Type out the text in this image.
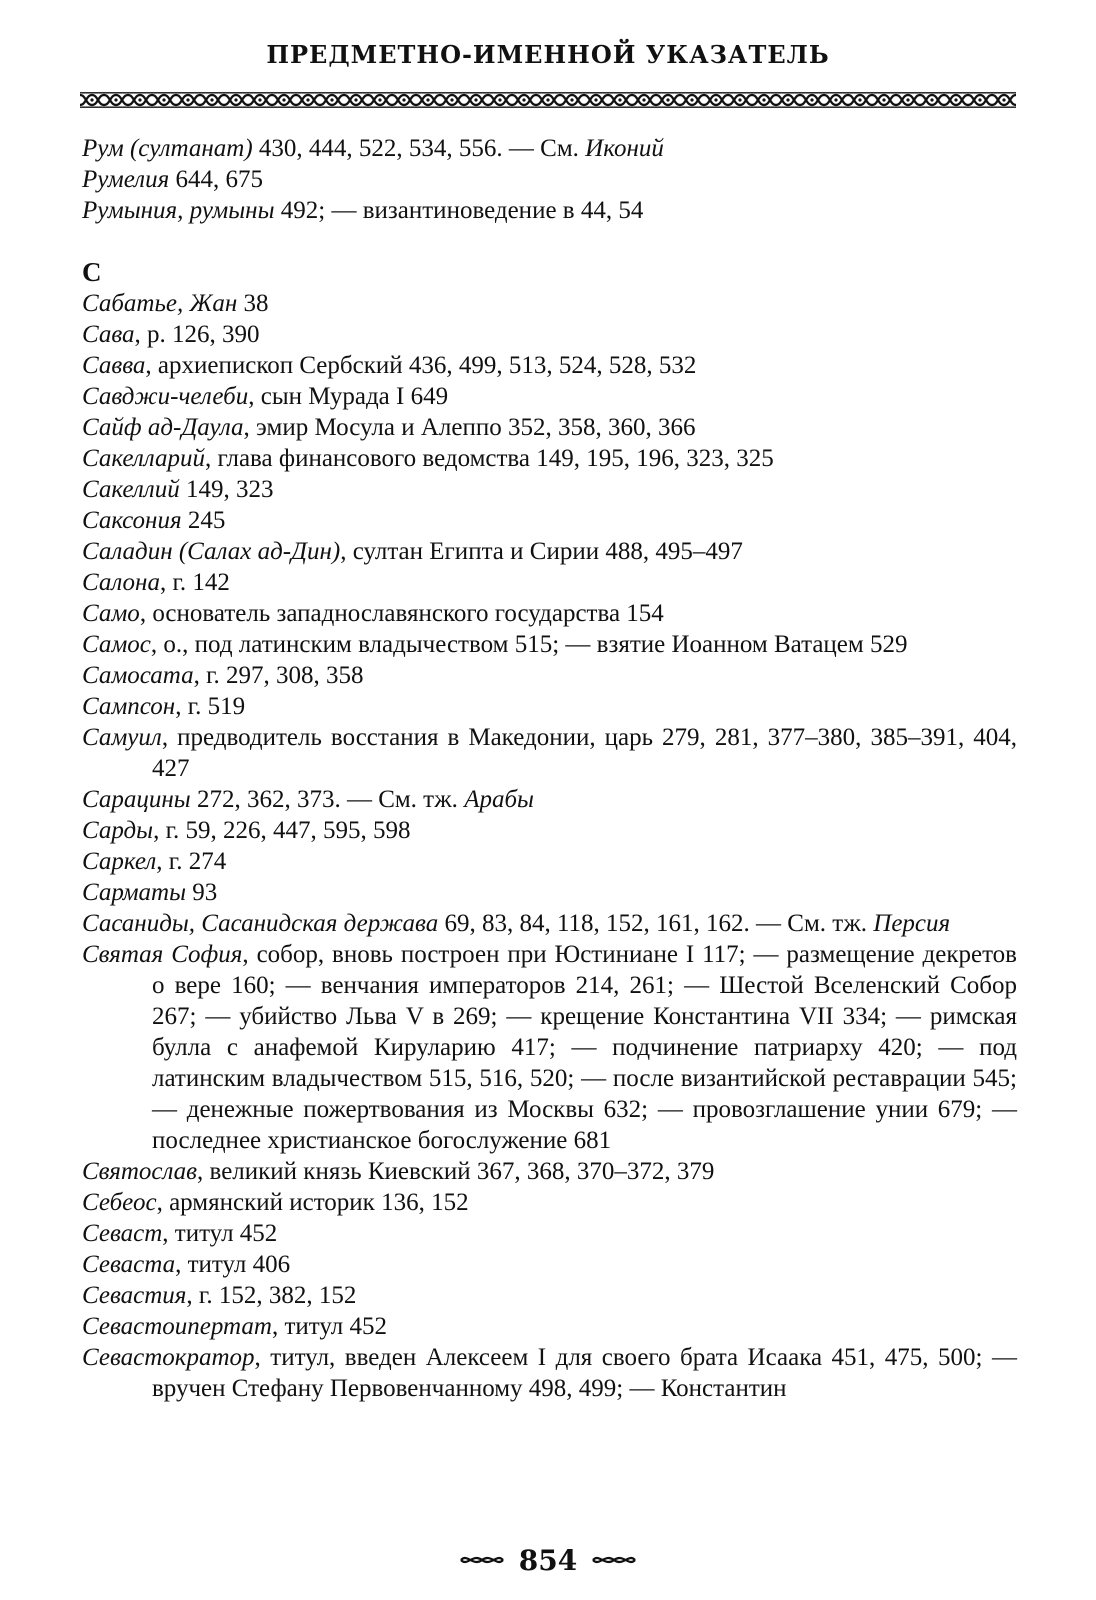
ПРЕДМЕТНО-ИМЕННОЙ УКАЗАТЕЛЬ

Рум (султанат) 430, 444, 522, 534, 556. — См. Иконий

Румелия 644, 675

Румыния, румыны 492; — византиноведение в 44, 54

С

Сабатье, Жан 38

Сава, р. 126, 390

Савва, архиепископ Сербский 436, 499, 513, 524, 528, 532

Савджи-челеби, сын Мурада I 649

Сайф ад-Даула, эмир Мосула и Алеппо 352, 358, 360, 366

Сакелларий, глава финансового ведомства 149, 195, 196, 323, 325

Сакеллий 149, 323

Саксония 245

Саладин (Салах ад-Дин), султан Египта и Сирии 488, 495–497

Салона, г. 142

Само, основатель западнославянского государства 154

Самос, о., под латинским владычеством 515; — взятие Иоанном Ватацем 529

Самосата, г. 297, 308, 358

Сампсон, г. 519

Самуил, предводитель восстания в Македонии, царь 279, 281, 377–380, 385–391, 404, 427

Сарацины 272, 362, 373. — См. тж. Арабы

Сарды, г. 59, 226, 447, 595, 598

Саркел, г. 274

Сарматы 93

Сасаниды, Сасанидская держава 69, 83, 84, 118, 152, 161, 162. — См. тж. Персия

Святая София, собор, вновь построен при Юстиниане I 117; — размещение декретов о вере 160; — венчания императоров 214, 261; — Шестой Вселенский Собор 267; — убийство Льва V в 269; — крещение Константина VII 334; — римская булла с анафемой Кируларию 417; — подчинение патриарху 420; — под латинским владычеством 515, 516, 520; — после византийской реставрации 545; — денежные пожертвования из Москвы 632; — провозглашение унии 679; — последнее христианское богослужение 681

Святослав, великий князь Киевский 367, 368, 370–372, 379

Себеос, армянский историк 136, 152

Севаст, титул 452

Севаста, титул 406

Севастия, г. 152, 382, 152

Севастоипертат, титул 452

Севастократор, титул, введен Алексеем I для своего брата Исаака 451, 475, 500; — вручен Стефану Первовенчанному 498, 499; — Константин

854
